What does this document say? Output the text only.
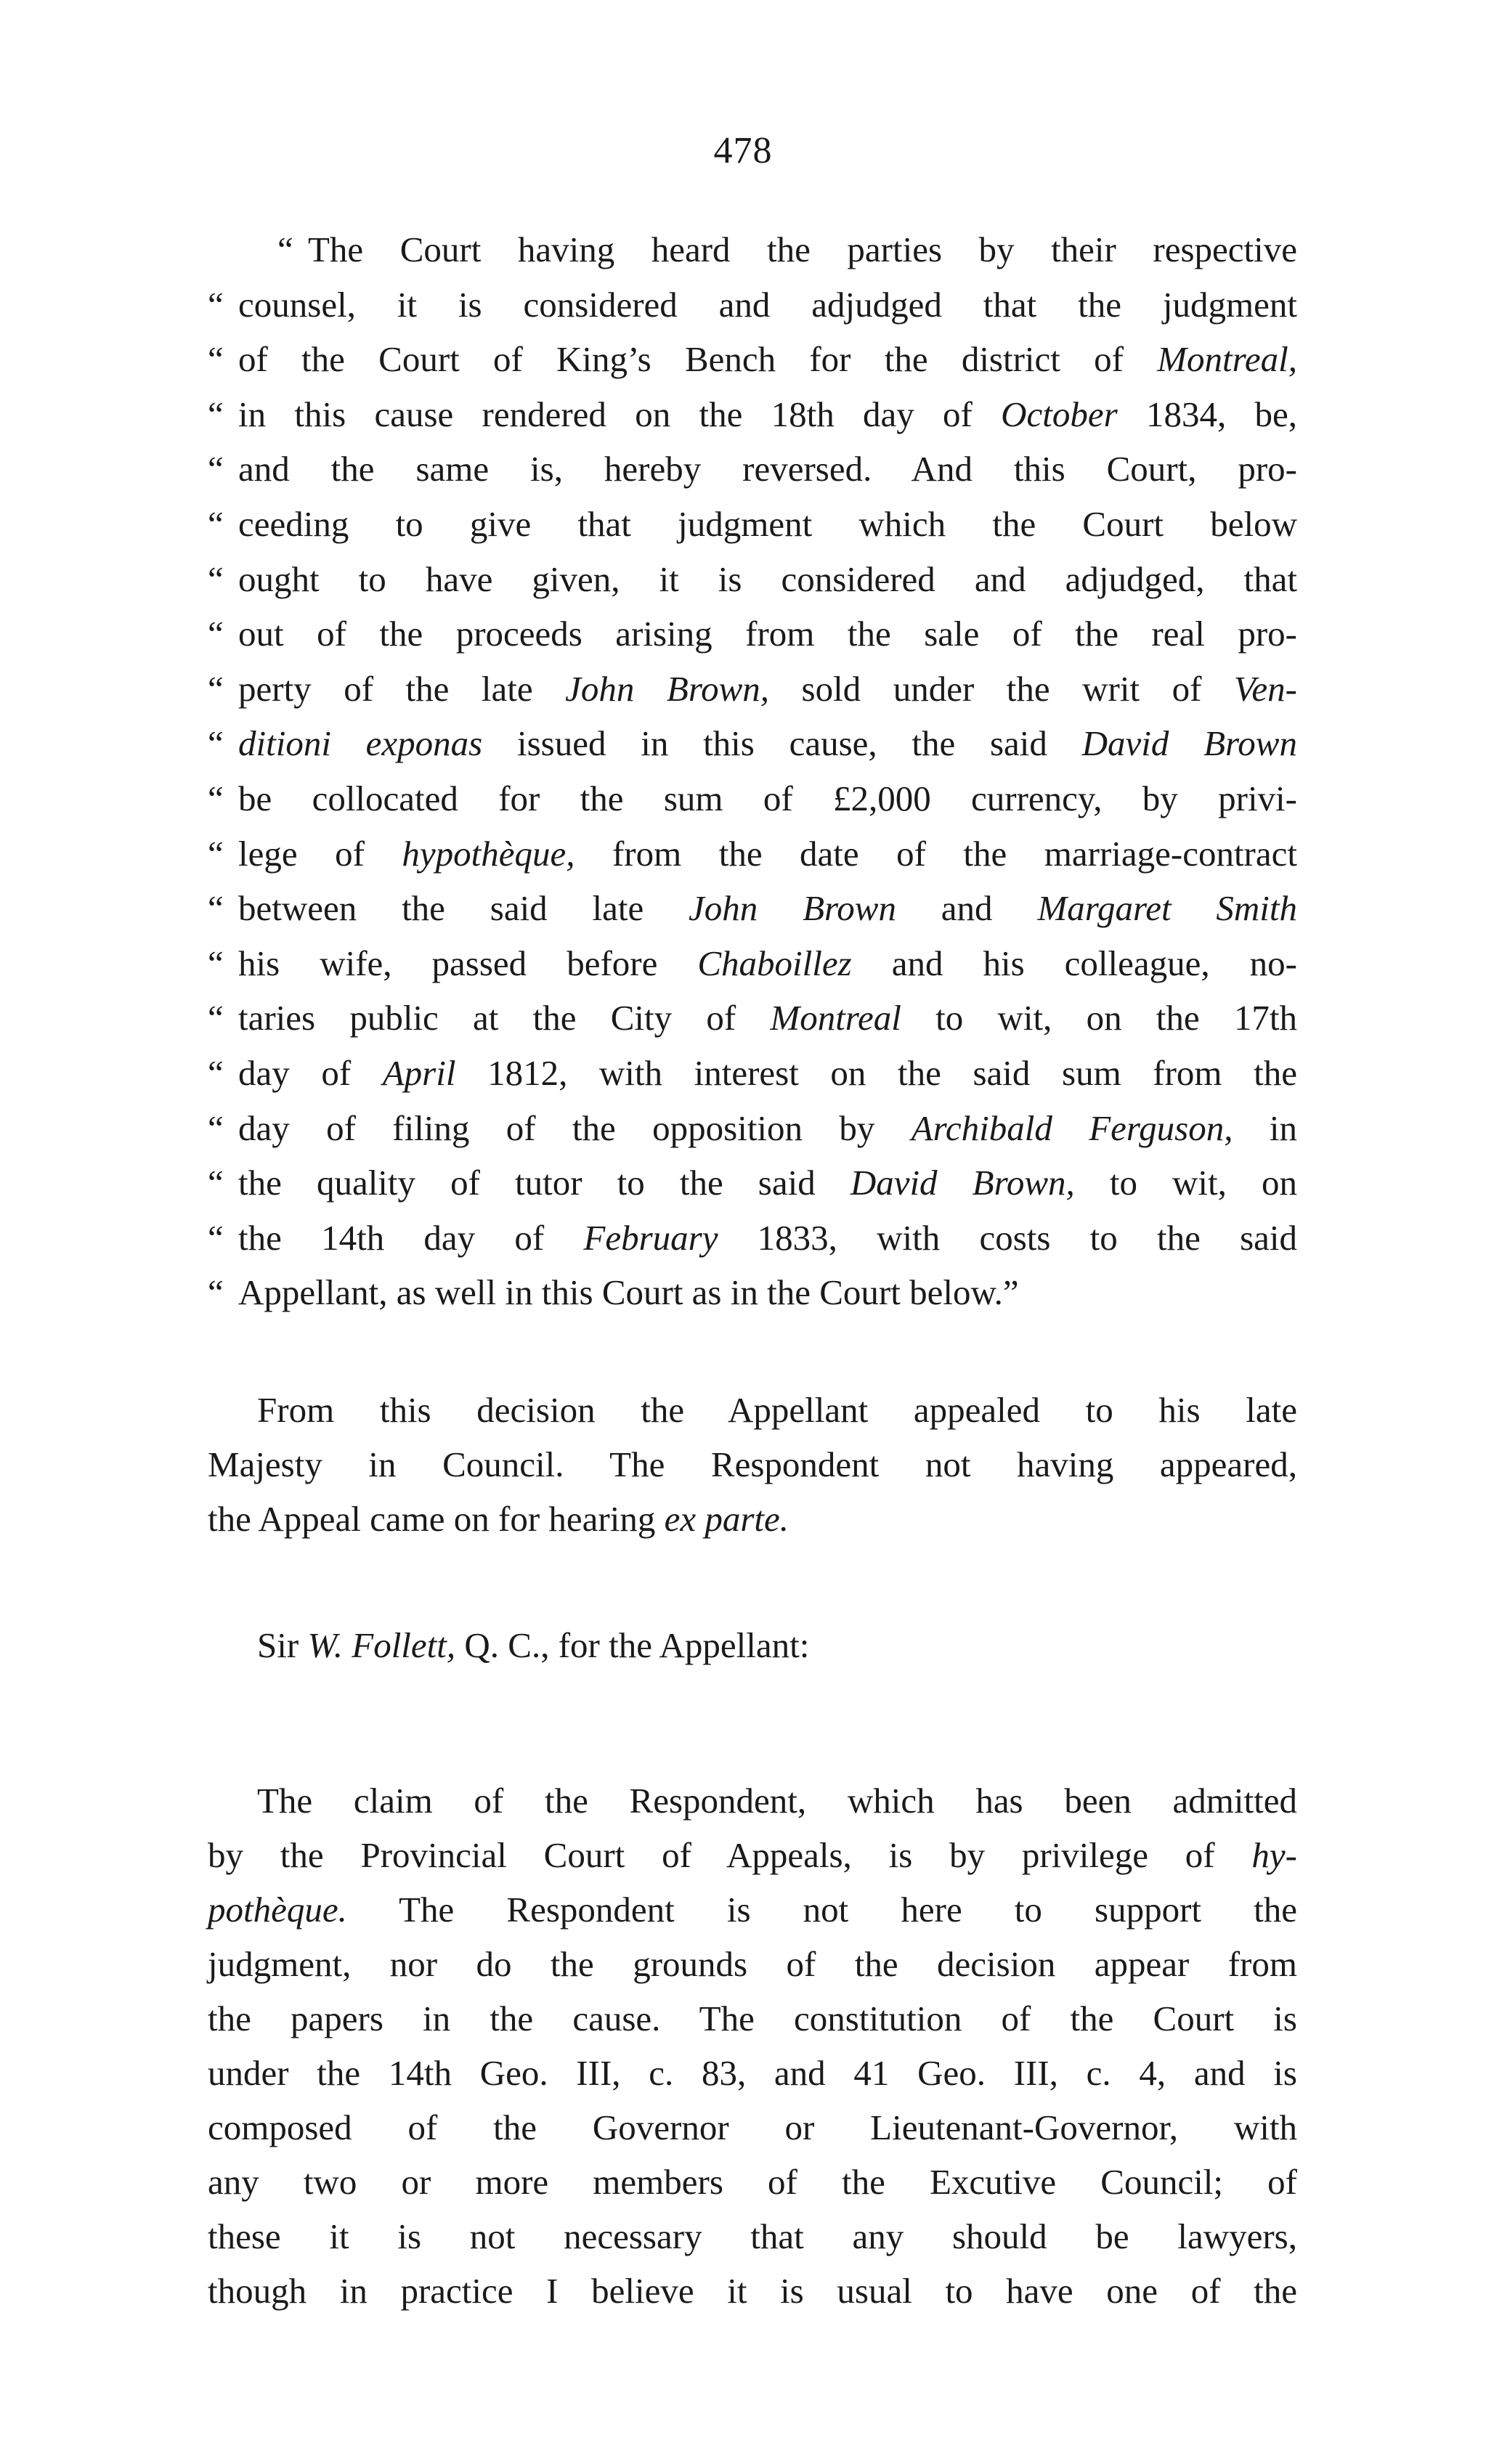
478
“ The Court having heard the parties by their respective
“ counsel, it is considered and adjudged that the judgment
“ of the Court of King’s Bench for the district of Montreal,
“ in this cause rendered on the 18th day of October 1834, be,
“ and the same is, hereby reversed. And this Court, pro-
“ ceeding to give that judgment which the Court below
“ ought to have given, it is considered and adjudged, that
“ out of the proceeds arising from the sale of the real pro-
“ perty of the late John Brown, sold under the writ of Ven-
“ ditioni exponas issued in this cause, the said David Brown
“ be collocated for the sum of £2,000 currency, by privi-
“ lege of hypothèque, from the date of the marriage-contract
“ between the said late John Brown and Margaret Smith
“ his wife, passed before Chaboillez and his colleague, no-
“ taries public at the City of Montreal to wit, on the 17th
“ day of April 1812, with interest on the said sum from the
“ day of filing of the opposition by Archibald Ferguson, in
“ the quality of tutor to the said David Brown, to wit, on
“ the 14th day of February 1833, with costs to the said
“ Appellant, as well in this Court as in the Court below.”
From this decision the Appellant appealed to his late
Majesty in Council. The Respondent not having appeared,
the Appeal came on for hearing ex parte.
Sir W. Follett, Q. C., for the Appellant:
The claim of the Respondent, which has been admitted
by the Provincial Court of Appeals, is by privilege of hy-
pothèque. The Respondent is not here to support the
judgment, nor do the grounds of the decision appear from
the papers in the cause. The constitution of the Court is
under the 14th Geo. III, c. 83, and 41 Geo. III, c. 4, and is
composed of the Governor or Lieutenant-Governor, with
any two or more members of the Excutive Council; of
these it is not necessary that any should be lawyers,
though in practice I believe it is usual to have one of the
